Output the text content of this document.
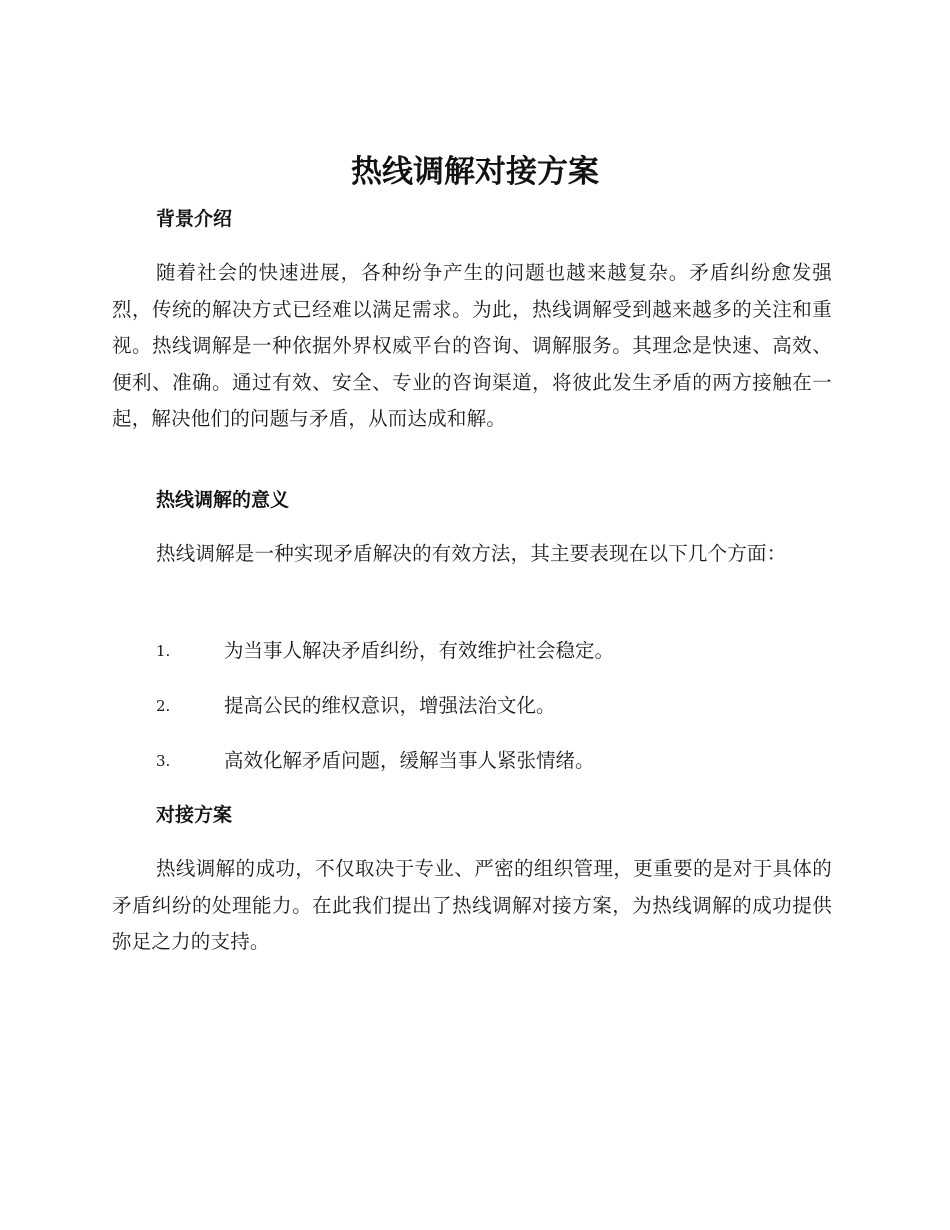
热线调解对接方案
背景介绍

随着社会的快速进展，各种纷争产生的问题也越来越复杂。矛盾纠纷愈发强烈，传统的解决方式已经难以满足需求。为此，热线调解受到越来越多的关注和重视。热线调解是一种依据外界权威平台的咨询、调解服务。其理念是快速、高效、便利、准确。通过有效、安全、专业的咨询渠道，将彼此发生矛盾的两方接触在一起，解决他们的问题与矛盾，从而达成和解。

热线调解的意义

热线调解是一种实现矛盾解决的有效方法，其主要表现在以下几个方面：

1.	为当事人解决矛盾纠纷，有效维护社会稳定。
2.	提高公民的维权意识，增强法治文化。
3.	高效化解矛盾问题，缓解当事人紧张情绪。
对接方案

热线调解的成功，不仅取决于专业、严密的组织管理，更重要的是对于具体的矛盾纠纷的处理能力。在此我们提出了热线调解对接方案，为热线调解的成功提供弥足之力的支持。
